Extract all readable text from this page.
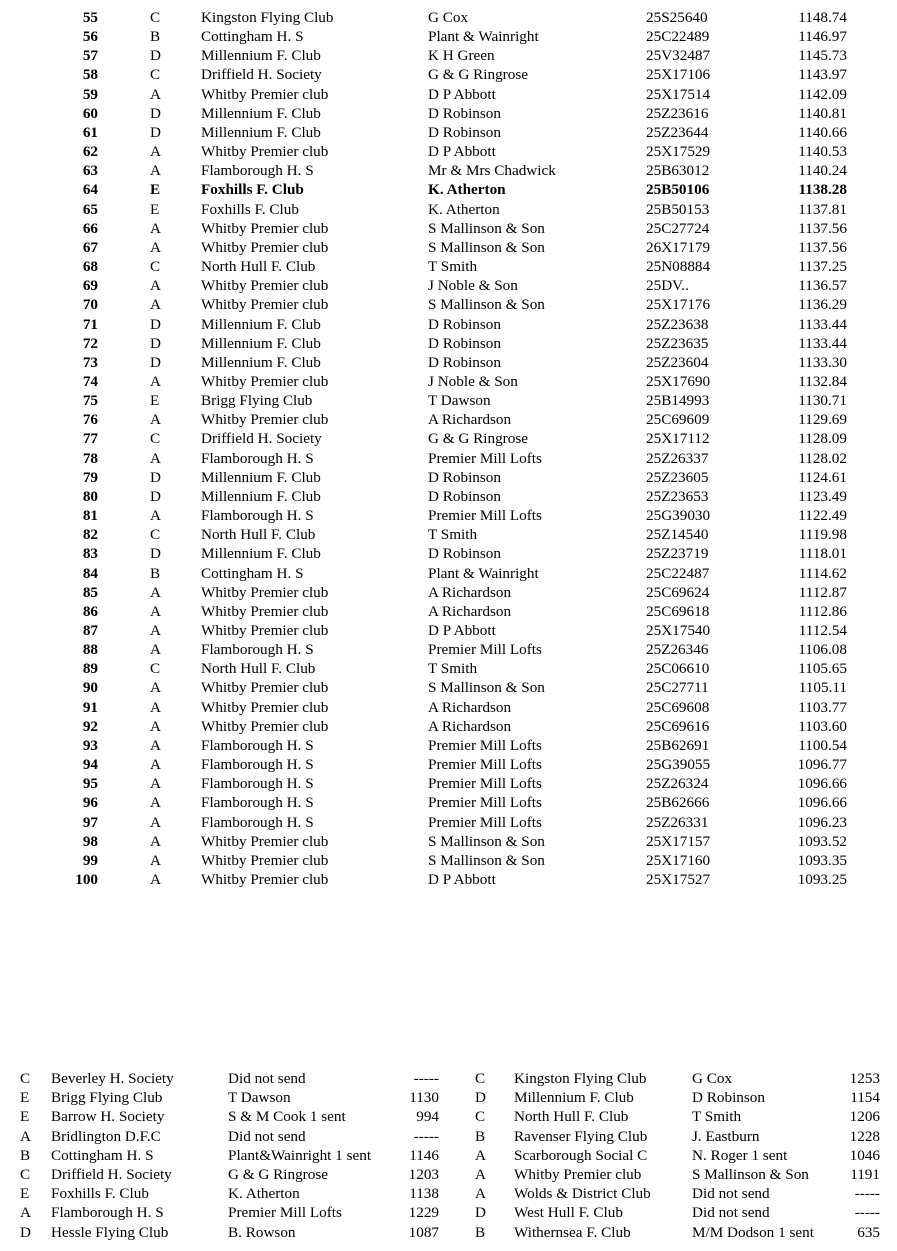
55	C	Kingston Flying Club	G Cox	25S25640	1148.74
56	B	Cottingham H. S	Plant & Wainright	25C22489	1146.97
57	D	Millennium F. Club	K H Green	25V32487	1145.73
58	C	Driffield H. Society	G & G Ringrose	25X17106	1143.97
59	A	Whitby Premier club	D P Abbott	25X17514	1142.09
60	D	Millennium F. Club	D Robinson	25Z23616	1140.81
61	D	Millennium F. Club	D Robinson	25Z23644	1140.66
62	A	Whitby Premier club	D P Abbott	25X17529	1140.53
63	A	Flamborough H. S	Mr & Mrs Chadwick	25B63012	1140.24
64	E	Foxhills F. Club	K. Atherton	25B50106	1138.28
65	E	Foxhills F. Club	K. Atherton	25B50153	1137.81
66	A	Whitby Premier club	S Mallinson & Son	25C27724	1137.56
67	A	Whitby Premier club	S Mallinson & Son	26X17179	1137.56
68	C	North Hull F. Club	T Smith	25N08884	1137.25
69	A	Whitby Premier club	J Noble & Son	25DV..	1136.57
70	A	Whitby Premier club	S Mallinson & Son	25X17176	1136.29
71	D	Millennium F. Club	D Robinson	25Z23638	1133.44
72	D	Millennium F. Club	D Robinson	25Z23635	1133.44
73	D	Millennium F. Club	D Robinson	25Z23604	1133.30
74	A	Whitby Premier club	J Noble & Son	25X17690	1132.84
75	E	Brigg Flying Club	T Dawson	25B14993	1130.71
76	A	Whitby Premier club	A Richardson	25C69609	1129.69
77	C	Driffield H. Society	G & G Ringrose	25X17112	1128.09
78	A	Flamborough H. S	Premier Mill Lofts	25Z26337	1128.02
79	D	Millennium F. Club	D Robinson	25Z23605	1124.61
80	D	Millennium F. Club	D Robinson	25Z23653	1123.49
81	A	Flamborough H. S	Premier Mill Lofts	25G39030	1122.49
82	C	North Hull F. Club	T Smith	25Z14540	1119.98
83	D	Millennium F. Club	D Robinson	25Z23719	1118.01
84	B	Cottingham H. S	Plant & Wainright	25C22487	1114.62
85	A	Whitby Premier club	A Richardson	25C69624	1112.87
86	A	Whitby Premier club	A Richardson	25C69618	1112.86
87	A	Whitby Premier club	D P Abbott	25X17540	1112.54
88	A	Flamborough H. S	Premier Mill Lofts	25Z26346	1106.08
89	C	North Hull F. Club	T Smith	25C06610	1105.65
90	A	Whitby Premier club	S Mallinson & Son	25C27711	1105.11
91	A	Whitby Premier club	A Richardson	25C69608	1103.77
92	A	Whitby Premier club	A Richardson	25C69616	1103.60
93	A	Flamborough H. S	Premier Mill Lofts	25B62691	1100.54
94	A	Flamborough H. S	Premier Mill Lofts	25G39055	1096.77
95	A	Flamborough H. S	Premier Mill Lofts	25Z26324	1096.66
96	A	Flamborough H. S	Premier Mill Lofts	25B62666	1096.66
97	A	Flamborough H. S	Premier Mill Lofts	25Z26331	1096.23
98	A	Whitby Premier club	S Mallinson & Son	25X17157	1093.52
99	A	Whitby Premier club	S Mallinson & Son	25X17160	1093.35
100	A	Whitby Premier club	D P Abbott	25X17527	1093.25
C Beverley H. Society	Did not send	----- C Kingston Flying Club	G Cox	1253
E Brigg Flying Club	T Dawson	1130 D Millennium F. Club	D Robinson	1154
E Barrow H. Society	S & M Cook 1 sent	994 C North Hull F. Club	T Smith	1206
A Bridlington D.F.C	Did not send	----- B Ravenser Flying Club	J. Eastburn	1228
B Cottingham H. S	Plant&Wainright 1 sent	1146 A Scarborough Social C	N. Roger 1 sent	1046
C Driffield H. Society	G & G Ringrose	1203 A Whitby Premier club	S Mallinson & Son	1191
E Foxhills F. Club	K. Atherton	1138 A Wolds & District Club	Did not send	-----
A Flamborough H. S	Premier Mill Lofts	1229 D West Hull F. Club	Did not send	-----
D Hessle Flying Club	B. Rowson	1087 B Withernsea F. Club	M/M Dodson 1 sent	635
